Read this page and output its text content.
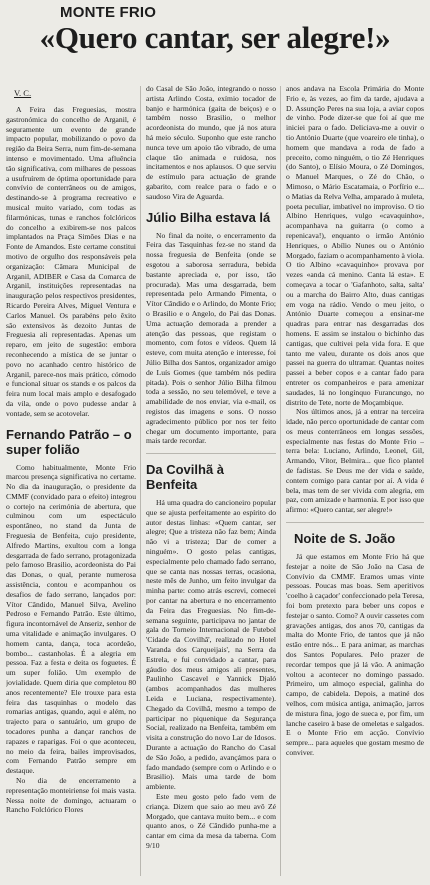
MONTE FRIO
«Quero cantar, ser alegre!»
V. C.

A Feira das Freguesias, mostra gastronómica do concelho de Arganil, é seguramente um evento de grande impacto popular, mobilizando o povo da região da Beira Serra, num fim-de-semana intenso e movimentado. Uma afluência tão significativa, com milhares de pessoas a usufruírem de óptima oportunidade para convívio de conterrâneos ou de amigos, destinando-se à programa recreativo e musical muito variado, com todas as filarmónicas, tunas e ranchos folclóricos do concelho a exibirem-se nos palcos implantados na Praça Simões Dias e na Fonte de Amandos. Este certame constitui motivo de orgulho dos responsáveis pela organização: Câmara Municipal de Arganil, ADIBER e Casa da Comarca de Arganil, instituições representadas na inauguração pelos respectivos presidentes, Ricardo Pereira Alves, Miguel Ventura e Carlos Manuel. Os parabéns pelo êxito são extensivos às dezoito Juntas de Freguesia ali representadas. Apenas um reparo, em jeito de sugestão: embora reconhecendo a mística de se juntar o povo no acanhado centro histórico de Arganil, parece-nos mais prático, cómodo e funcional situar os stands e os palcos da feira num local mais amplo e desafogado da vila, onde o povo pudesse andar à vontade, sem se acotovelar.

Fernando Patrão – o super folião

Como habitualmente, Monte Frio marcou presença significativa no certame. No dia da inauguração, o presidente da CMMF (convidado para o efeito) integrou o cortejo na cerimónia de abertura, que culminou com um espectáculo espontâneo, no stand da Junta de Freguesia de Benfeita, cujo presidente, Alfredo Martins, exultou com a longa desgarrada de fado serrano, protagonizada pelo famoso Brasilio, acordeonista do Pai das Donas, o qual, perante numerosa assistência, contou e acompanhou os desafios de fado serrano, lançados por: Vítor Cândido, Manuel Silva, Avelino Pedroso e Fernando Patrão. Este último, figura incontornável de Anseriz, senhor de uma vitalidade e animação invulgares. O homem canta, dança, toca acordeão, bombo... castanholas. É a alegria em pessoa. Faz a festa e deita os foguetes. É um super folião. Um exemplo de jovialidade. Quem diria que completou 80 anos recentemente? Ele trouxe para esta feira das tasquinhas o modelo das romarias antigas, quando, aqui e além, no trajecto para o santuário, um grupo de tocadores punha a dançar ranchos de rapazes e raparigas. Foi o que aconteceu, no meio da feira, bailes improvisados, com Fernando Patrão sempre em destaque.

No dia de encerramento a representação monteiriense foi mais vasta. Nessa noite de domingo, actuaram o Rancho Folclórico Flores

do Casal de São João, integrando o nosso artista Arlindo Costa, exímio tocador de banjo e harmónica (gaita de beiços) e o também nosso Brasilio, o melhor acordeonista do mundo, que já nos atura há meio século. Suponho que este rancho nunca teve um apoio tão vibrado, de uma claque tão animada e ruidosa, nos incitamentos e nos aplausos. O que serviu de estímulo para actuação de grande gabarito, com realce para o fado e o saudoso Vira de Aguarda.

Júlio Bilha estava lá

No final da noite, o encerramento da Feira das Tasquinhas fez-se no stand da nossa freguesia de Benfeita (onde se esgotou a saborosa serradura, bebida bastante apreciada e, por isso, tão procurada). Mas uma desgarrada, bem representada pelo Armando Pimenta, o Vítor Cândido e o Arlindo, do Monte Frio; o Brasilio e o Angelo, do Pai das Donas. Uma actuação demorada a prender a atenção das pessoas, que registam o momento, com fotos e vídeos. Quem lá esteve, com muita atenção e interesse, foi Júlio Bilha dos Santos, organizador amigo de Luís Gomes (que também nós pedira pitada). Pois o senhor Júlio Bilha filmou toda a sessão, no seu telemóvel, e teve a amabilidade de nos enviar, via e-mail, os registos das imagens e sons. O nosso agradecimento público por nos ter feito chegar um documento importante, para mais tarde recordar.

Da Covilhã à Benfeita

Há uma quadra do cancioneiro popular que se ajusta perfeitamente ao espírito do autor destas linhas: «Quem cantar, ser alegre; Que a tristeza não faz bem; Ainda não vi a tristeza; Dar de comer a ninguém». O gosto pelas cantigas, especialmente pelo chamado fado serrano, que se canta nas nossas terras, ocasiona, neste mês de Junho, um feito invulgar da minha parte: como atrás escrevi, comecei por cantar na abertura e no encerramento da Feira das Freguesias. No fim-de-semana seguinte, participava no jantar de gala do Torneio Internacional de Futebol 'Cidade da Covilhã', realizado no Hotel Varanda dos Carqueijais', na Serra da Estrela, e fui convidado a cantar, para gáudio dos meus amigos ali presentes, Paulinho Cascavel e Yannick Djaló (ambos acompanhados das mulheres Leida e Luciana, respectivamente). Chegado da Covilhã, mesmo a tempo de participar no piquenique da Segurança Social, realizado na Benfeita, também em visita a construção do novo Lar de Idosos. Durante a actuação do Rancho do Casal de São João, a pedido, avançámos para o fado mandado (sempre com o Arlindo e o Brasilio). Mais uma tarde de bom ambiente.

Este meu gosto pelo fado vem de criança. Dizem que saio ao meu avô Zé Morgado, que cantava muito bem... e com quanto anos, o Zé Cândido punha-me a cantar em cima da mesa da taberna. Com 9/10

anos andava na Escola Primária do Monte Frio e, às vezes, ao fim da tarde, ajudava a D. Assunção Peres na sua loja, a aviar copos de vinho. Pode dizer-se que foi aí que me iniciei para o fado. Deliciava-me a ouvir o tio António Duarte (que voareiro ele tinha), o homem que mandava a roda de fado a preceito, como ninguém, o tio Zé Henriques (do Santo), o Elísio Moura, o Zé Domingos, o Manuel Marques, o Zé do Chão, o Mimoso, o Mário Escatamaia, o Porfírio e... o Matias da Relva Velha, amparado à muleta, poeta peculiar, imbatível no improviso. O tio Albino Henriques, vulgo «cavaquinho», acompanhava na guitarra (o como a repenicava!), enquanto o irmão António Henriques, o Abílio Nunes ou o António Morgado, faziam o acompanhamento à viola. O tio Albino «cavaquinho» provava por vezes «anda cá menino. Canta lá esta». E começava a tocar o 'Gafanhoto, salta, salta' ou a marcha do Bairro Alto, duas cantigas em voga na rádio. Vendo o meu jeito, o António Duarte começou a ensinar-me quadras para entrar nas desgarradas dos homens. E assim se instalou o bichinho das cantigas, que cultivei pela vida fora. E que tanto me valeu, durante os dois anos que passei na guerra do ultramar. Quantas noites passei a beber copos e a cantar fado para entreter os companheiros e para amenizar saudades, lá no longínquo Furancungo, no distrito de Tete, norte de Moçambique.

Nos últimos anos, já a entrar na terceira idade, não perco oportunidade de cantar com os meus conterrâneos em longas sessões, especialmente nas festas do Monte Frio – terra bela: Luciano, Arlindo, Leonel, Gil, Armando, Vítor, Belmira... que fico plantel de fadistas. Se Deus me der vida e saúde, contem comigo para cantar por aí. A vida é bela, mas tem de ser vivida com alegria, em paz, com amizade e harmonia. E por isso que afirmo: «Quero cantar, ser alegre!»

Noite de S. João

Já que estamos em Monte Frio há que festejar a noite de São João na Casa de Convívio da CMMF. Eramos umas vinte pessoas. Poucas mas boas. Sem aperitivos 'coelho à caçador' confeccionado pela Teresa, foi bom pretexto para beber uns copos e festejar o santo. Como? A ouvir cassetes com gravações antigas, dos anos 70, cantigas da malta do Monte Frio, de tantos que já não estão entre nós... E para animar, as marchas dos Santos Populares. Pelo prazer de recordar tempos que já lá vão. A animação voltou a acontecer no domingo passado. Primeiro, um almoço especial, galinha do campo, de cabidela. Depois, a matiné dos velhos, com música antiga, animação, jarros de mistura fina, jogo de sueca e, por fim, um lanche caseiro à base de omeletas e salgados. E o Monte Frio em acção. Convívio sempre... para aqueles que gostam mesmo de conviver.
